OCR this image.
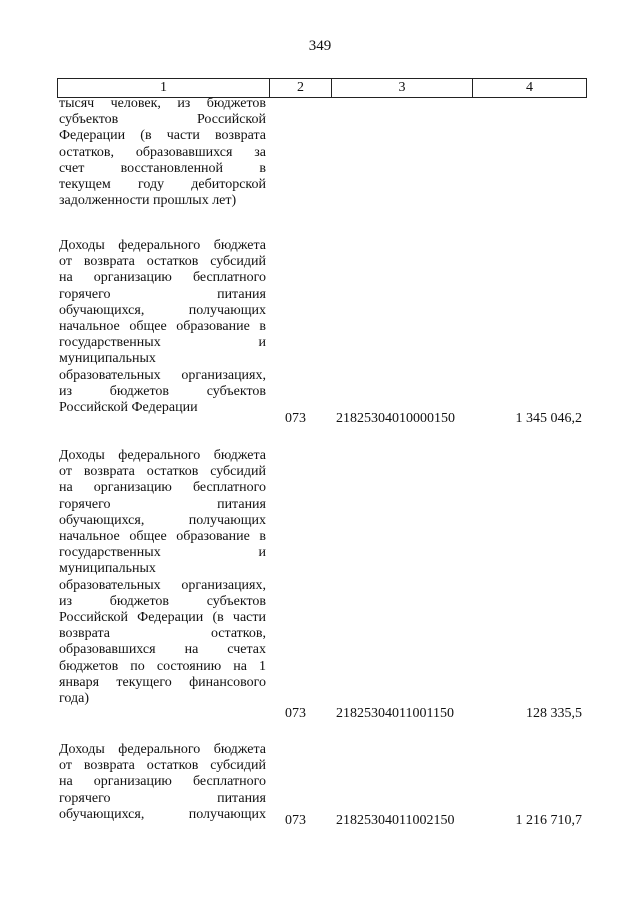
349
1	2	3	4
тысяч человек, из бюджетов
субъектов Российской
Федерации (в части возврата
остатков, образовавшихся за
счет восстановленной в
текущем году дебиторской
задолженности прошлых лет)
Доходы федерального бюджета
от возврата остатков субсидий
на организацию бесплатного
горячего питания
обучающихся, получающих
начальное общее образование в
государственных и
муниципальных
образовательных организациях,
из бюджетов субъектов
Российской Федерации
073	21825304010000150	1 345 046,2
Доходы федерального бюджета
от возврата остатков субсидий
на организацию бесплатного
горячего питания
обучающихся, получающих
начальное общее образование в
государственных и
муниципальных
образовательных организациях,
из бюджетов субъектов
Российской Федерации (в части
возврата остатков,
образовавшихся на счетах
бюджетов по состоянию на 1
января текущего финансового
года)
073	21825304011001150	128 335,5
Доходы федерального бюджета
от возврата остатков субсидий
на организацию бесплатного
горячего питания
обучающихся, получающих 073	21825304011002150	1 216 710,7
